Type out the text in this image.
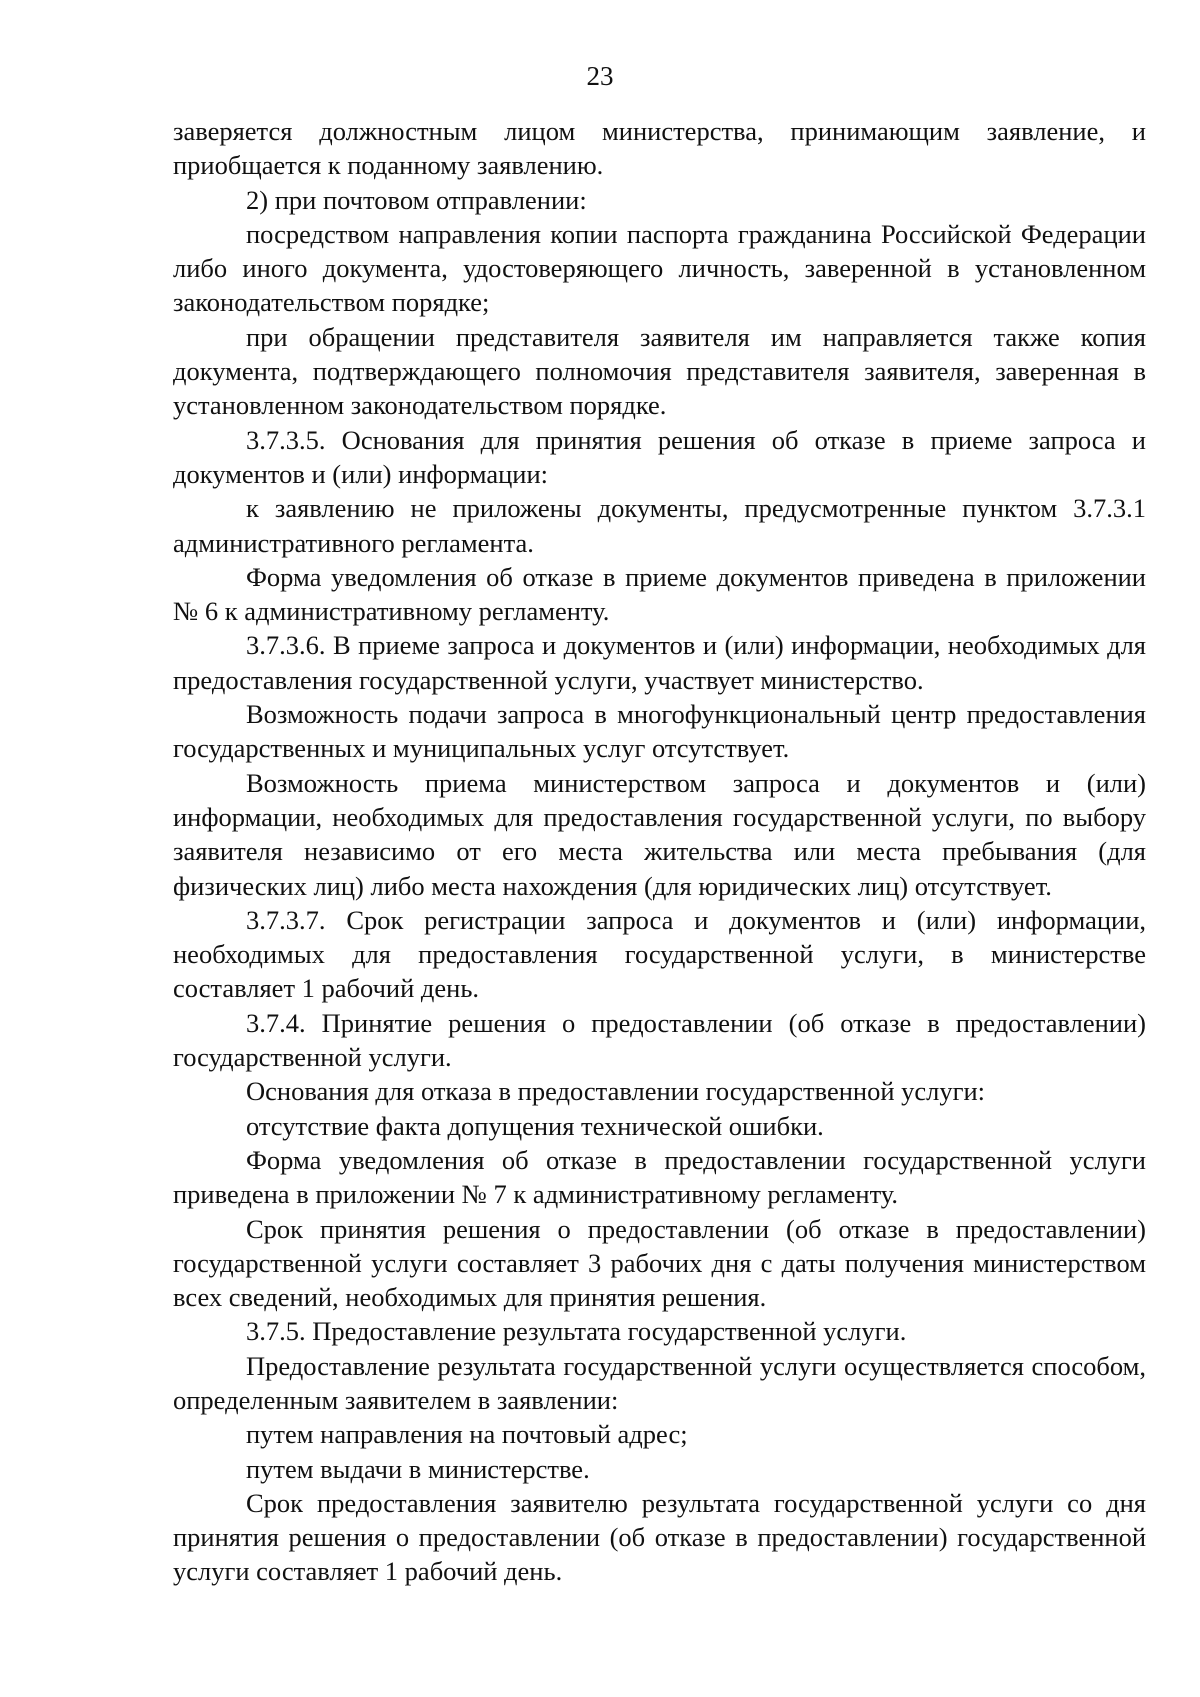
23

заверяется должностным лицом министерства, принимающим заявление, и приобщается к поданному заявлению.

2) при почтовом отправлении:

посредством направления копии паспорта гражданина Российской Федерации либо иного документа, удостоверяющего личность, заверенной в установленном законодательством порядке;

при обращении представителя заявителя им направляется также копия документа, подтверждающего полномочия представителя заявителя, заверенная в установленном законодательством порядке.

3.7.3.5. Основания для принятия решения об отказе в приеме запроса и документов и (или) информации:

к заявлению не приложены документы, предусмотренные пунктом 3.7.3.1 административного регламента.

Форма уведомления об отказе в приеме документов приведена в приложении № 6 к административному регламенту.

3.7.3.6. В приеме запроса и документов и (или) информации, необходимых для предоставления государственной услуги, участвует министерство.

Возможность подачи запроса в многофункциональный центр предоставления государственных и муниципальных услуг отсутствует.

Возможность приема министерством запроса и документов и (или) информации, необходимых для предоставления государственной услуги, по выбору заявителя независимо от его места жительства или места пребывания (для физических лиц) либо места нахождения (для юридических лиц) отсутствует.

3.7.3.7. Срок регистрации запроса и документов и (или) информации, необходимых для предоставления государственной услуги, в министерстве составляет 1 рабочий день.

3.7.4. Принятие решения о предоставлении (об отказе в предоставлении) государственной услуги.

Основания для отказа в предоставлении государственной услуги:

отсутствие факта допущения технической ошибки.

Форма уведомления об отказе в предоставлении государственной услуги приведена в приложении № 7 к административному регламенту.

Срок принятия решения о предоставлении (об отказе в предоставлении) государственной услуги составляет 3 рабочих дня с даты получения министерством всех сведений, необходимых для принятия решения.

3.7.5. Предоставление результата государственной услуги.

Предоставление результата государственной услуги осуществляется способом, определенным заявителем в заявлении:

путем направления на почтовый адрес;

путем выдачи в министерстве.

Срок предоставления заявителю результата государственной услуги со дня принятия решения о предоставлении (об отказе в предоставлении) государственной услуги составляет 1 рабочий день.
